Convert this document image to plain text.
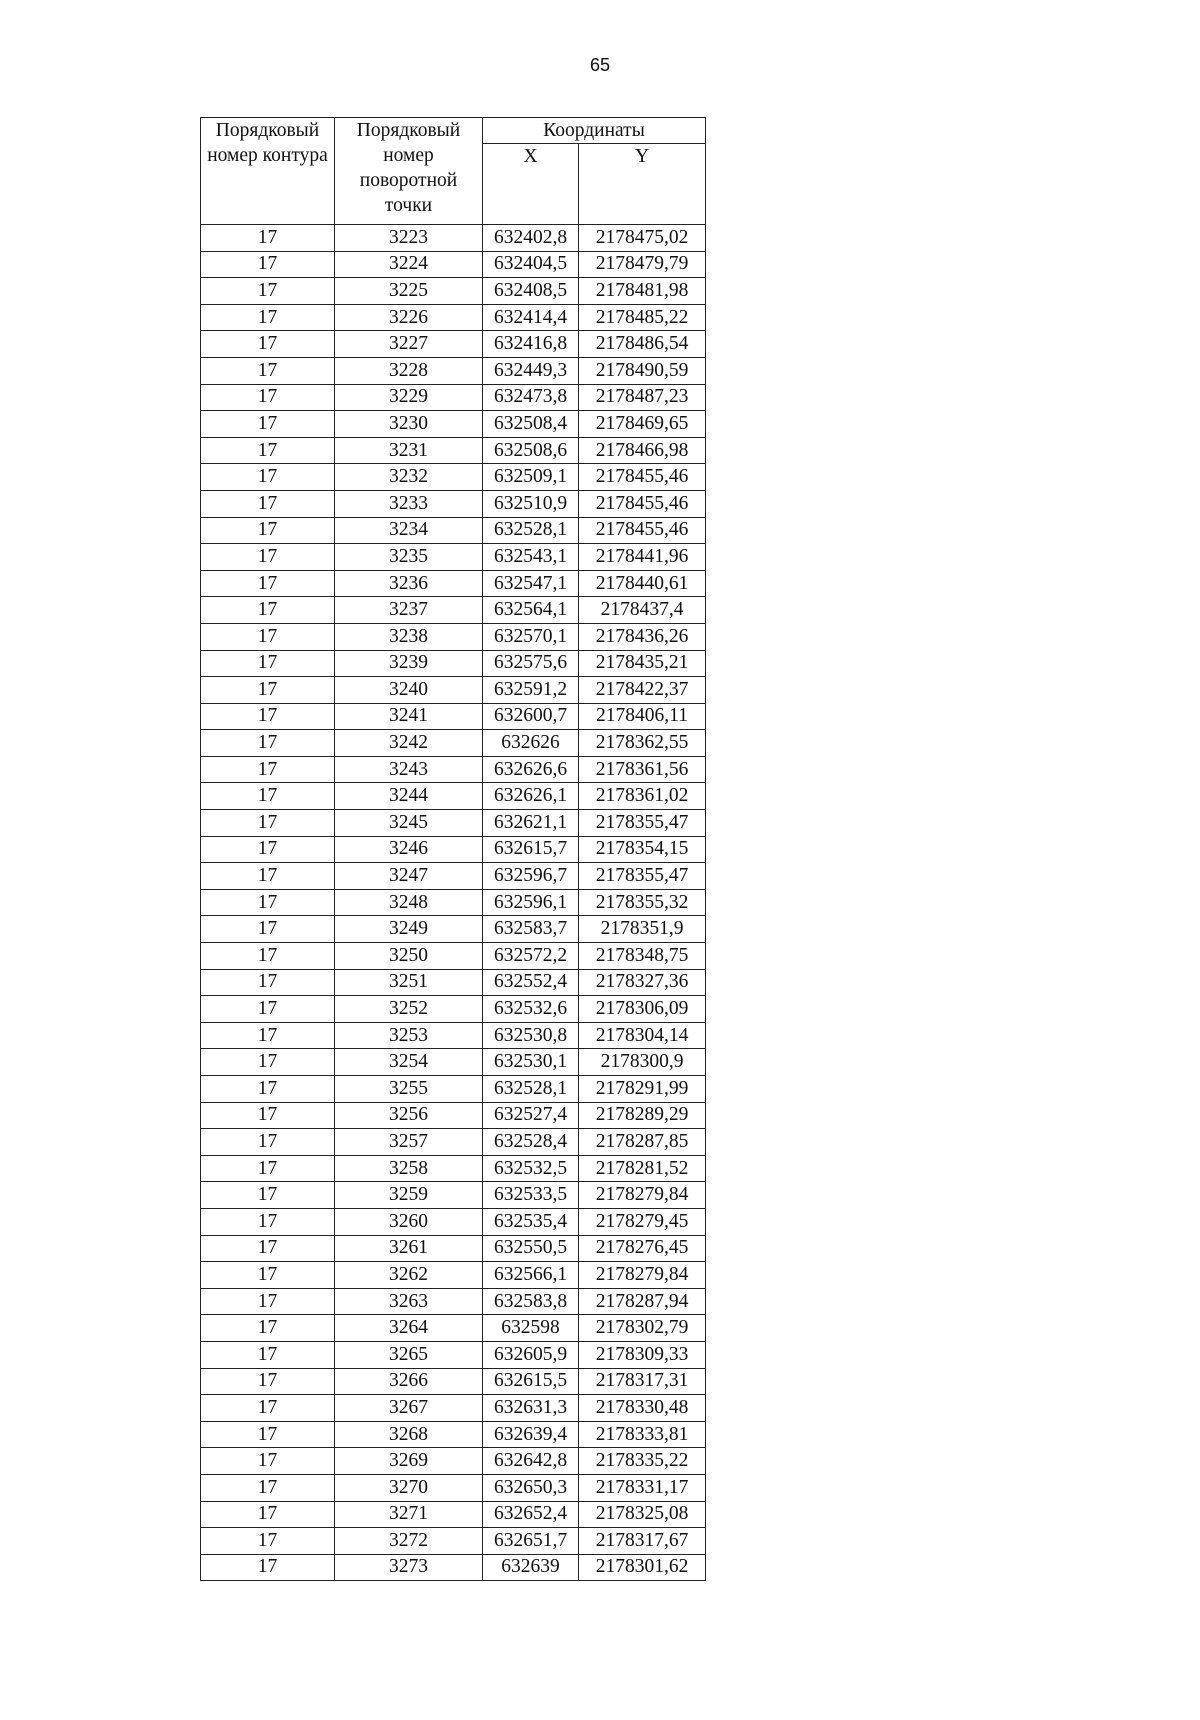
65
Порядковый номер контура	Порядковый номер поворотной точки	Координаты	
		X	Y
17	3223	632402,8	2178475,02
17	3224	632404,5	2178479,79
17	3225	632408,5	2178481,98
17	3226	632414,4	2178485,22
17	3227	632416,8	2178486,54
17	3228	632449,3	2178490,59
17	3229	632473,8	2178487,23
17	3230	632508,4	2178469,65
17	3231	632508,6	2178466,98
17	3232	632509,1	2178455,46
17	3233	632510,9	2178455,46
17	3234	632528,1	2178455,46
17	3235	632543,1	2178441,96
17	3236	632547,1	2178440,61
17	3237	632564,1	2178437,4
17	3238	632570,1	2178436,26
17	3239	632575,6	2178435,21
17	3240	632591,2	2178422,37
17	3241	632600,7	2178406,11
17	3242	632626	2178362,55
17	3243	632626,6	2178361,56
17	3244	632626,1	2178361,02
17	3245	632621,1	2178355,47
17	3246	632615,7	2178354,15
17	3247	632596,7	2178355,47
17	3248	632596,1	2178355,32
17	3249	632583,7	2178351,9
17	3250	632572,2	2178348,75
17	3251	632552,4	2178327,36
17	3252	632532,6	2178306,09
17	3253	632530,8	2178304,14
17	3254	632530,1	2178300,9
17	3255	632528,1	2178291,99
17	3256	632527,4	2178289,29
17	3257	632528,4	2178287,85
17	3258	632532,5	2178281,52
17	3259	632533,5	2178279,84
17	3260	632535,4	2178279,45
17	3261	632550,5	2178276,45
17	3262	632566,1	2178279,84
17	3263	632583,8	2178287,94
17	3264	632598	2178302,79
17	3265	632605,9	2178309,33
17	3266	632615,5	2178317,31
17	3267	632631,3	2178330,48
17	3268	632639,4	2178333,81
17	3269	632642,8	2178335,22
17	3270	632650,3	2178331,17
17	3271	632652,4	2178325,08
17	3272	632651,7	2178317,67
17	3273	632639	2178301,62
